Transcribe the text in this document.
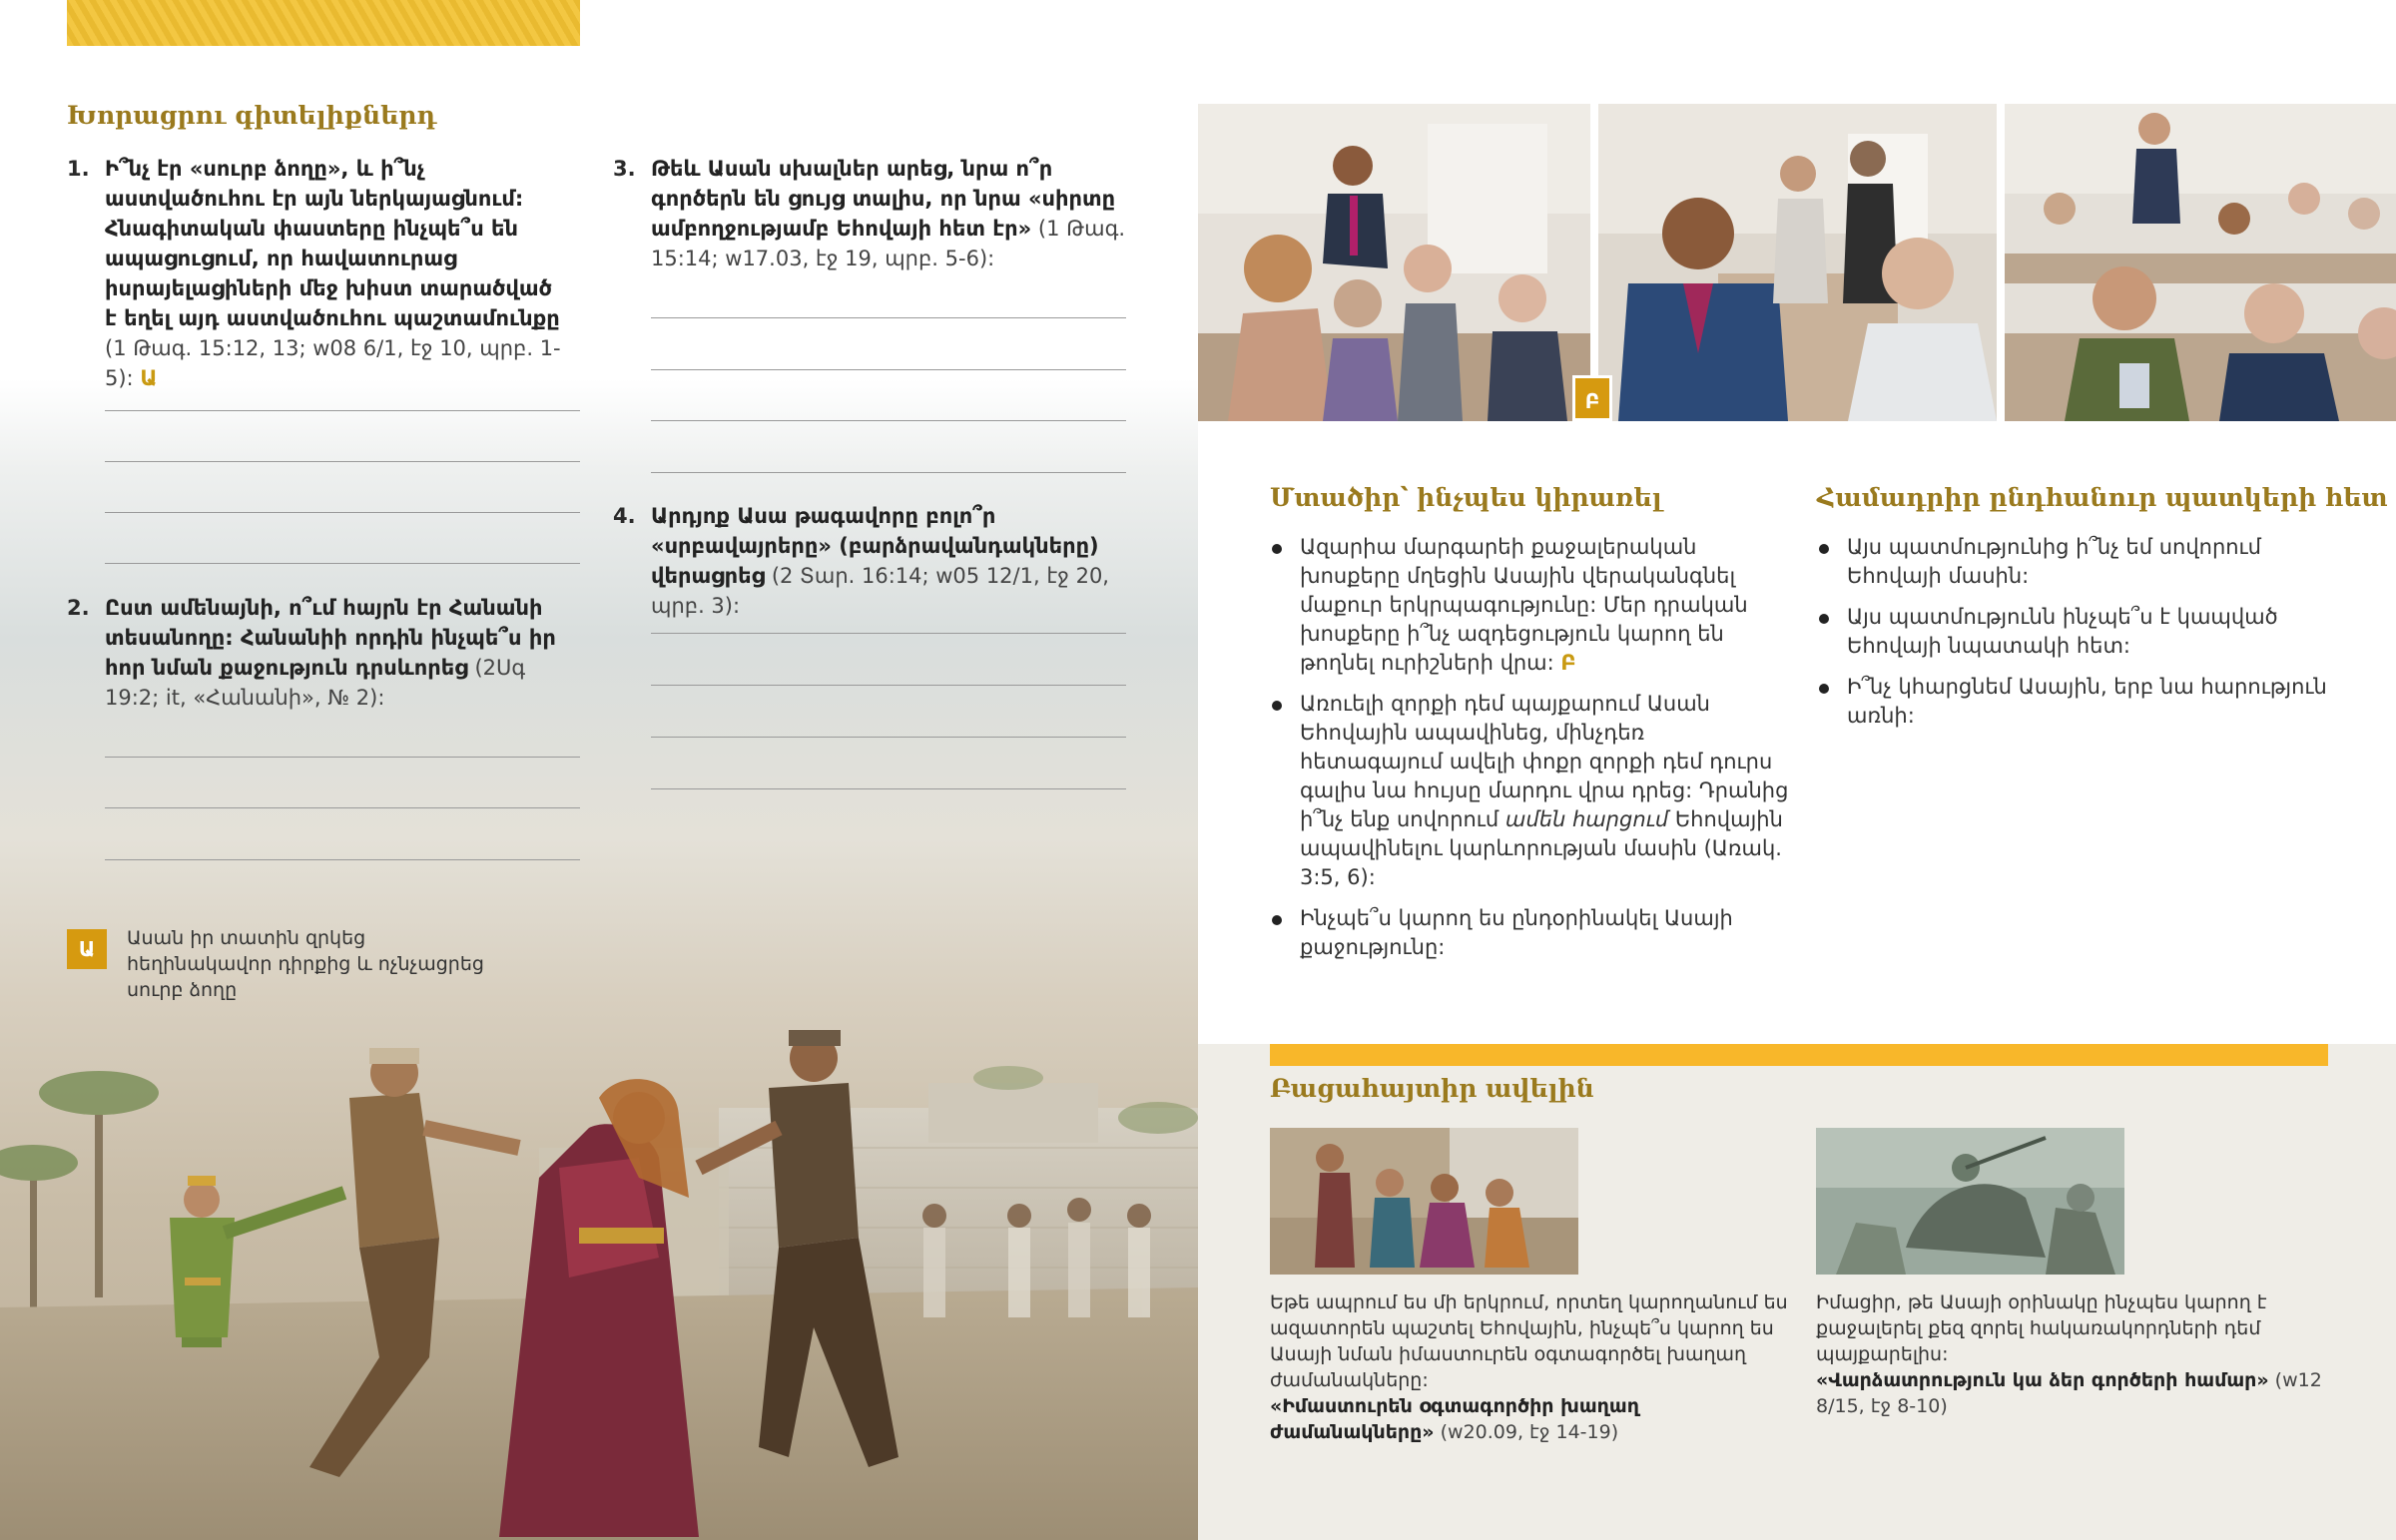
Խորացրու գիտելիքներդ
1. Ի՞նչ էր «սուրբ ձողը», և ի՞նչ աստվածուհու էր այն ներկայացնում: Հնագիտական փաստերը ինչպե՞ս են ապացուցում, որ հավատուրաց իսրայելացիների մեջ խիստ տարածված է եղել այդ աստվածուհու պաշտամունքը (1 Թագ. 15:12, 13; w08 6/1, էջ 10, պրբ. 1-5): Ա
2. Ըստ ամենայնի, ո՞ւմ հայրն էր Հանանի տեսանողը: Հանանիի որդին ինչպե՞ս իր հոր նման քաջություն դրսևորեց (2Սգ 19:2; it, «Հանանի», № 2):
3. Թեև Ասան սխալներ արեց, նրա ո՞ր գործերն են ցույց տալիս, որ նրա «սիրտը ամբողջությամբ Եհովայի հետ էր» (1 Թագ. 15:14; w17.03, էջ 19, պրբ. 5-6):
4. Արդյոք Ասա թագավորը բոլո՞ր «սրբավայրերը» (բարձրավանդակները) վերացրեց (2 Տար. 16:14; w05 12/1, էջ 20, պրբ. 3):
Ա	Ասան իր տատին զրկեց հեղինակավոր դիրքից և ոչնչացրեց սուրբ ձողը
Բ
Մտածիր՝ ինչպես կիրառել
Ազարիա մարգարեի քաջալերական խոսքերը մղեցին Ասային վերականգնել մաքուր երկրպագությունը: Մեր դրական խոսքերը ի՞նչ ազդեցություն կարող են թողնել ուրիշների վրա: Բ
Առուելի զորքի դեմ պայքարում Ասան Եհովային ապավինեց, մինչդեռ հետագայում ավելի փոքր զորքի դեմ դուրս գալիս նա հույսը մարդու վրա դրեց: Դրանից ի՞նչ ենք սովորում ամեն հարցում Եհովային ապավինելու կարևորության մասին (Առակ. 3:5, 6):
Ինչպե՞ս կարող ես ընդօրինակել Ասայի քաջությունը:
Համադրիր ընդհանուր պատկերի հետ
Այս պատմությունից ի՞նչ եմ սովորում Եհովայի մասին:
Այս պատմությունն ինչպե՞ս է կապված Եհովայի նպատակի հետ:
Ի՞նչ կհարցնեմ Ասային, երբ նա հարություն առնի:
Բացահայտիր ավելին
Եթե ապրում ես մի երկրում, որտեղ կարողանում ես ազատորեն պաշտել Եհովային, ինչպե՞ս կարող ես Ասայի նման իմաստուրեն օգտագործել խաղաղ ժամանակները:
«Իմաստուրեն օգտագործիր խաղաղ ժամանակները» (w20.09, էջ 14-19)
Իմացիր, թե Ասայի օրինակը ինչպես կարող է քաջալերել քեզ զորել հակառակորդների դեմ պայքարելիս:
«Վարձատրություն կա ձեր գործերի համար» (w12 8/15, էջ 8-10)
